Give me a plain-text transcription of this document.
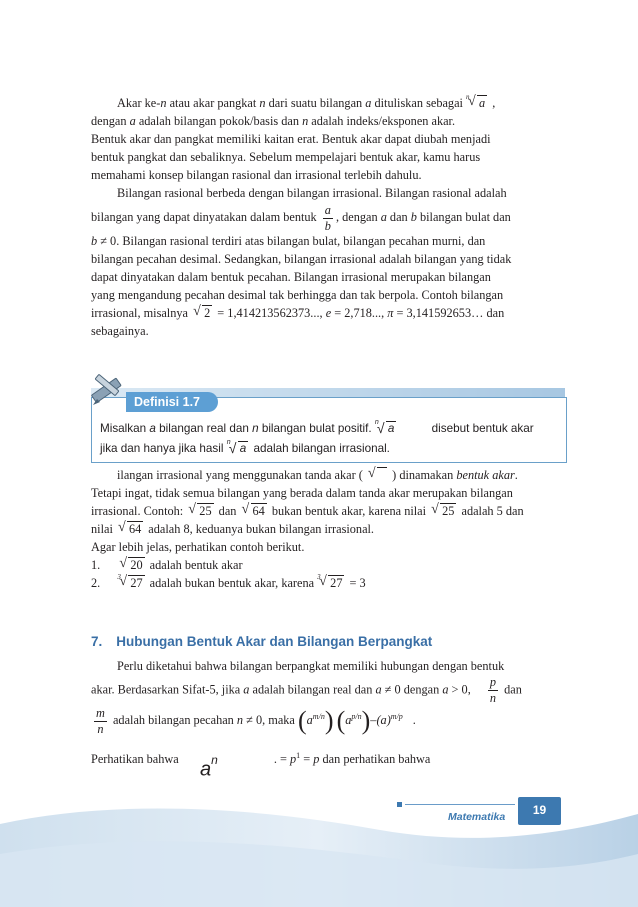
Akar ke-n atau akar pangkat n dari suatu bilangan a dituliskan sebagai √ n a ,
dengan a adalah bilangan pokok/basis dan n adalah indeks/eksponen akar.
Bentuk akar dan pangkat memiliki kaitan erat. Bentuk akar dapat diubah menjadi
bentuk pangkat dan sebaliknya. Sebelum mempelajari bentuk akar, kamu harus
memahami konsep bilangan rasional dan irrasional terlebih dahulu.
Bilangan rasional berbeda dengan bilangan irrasional. Bilangan rasional adalah
bilangan yang dapat dinyatakan dalam bentuk $\frac{a}{b}$ , dengan a dan b bilangan bulat dan
b ≠ 0. Bilangan rasional terdiri atas bilangan bulat, bilangan pecahan murni, dan
bilangan pecahan desimal. Sedangkan, bilangan irrasional adalah bilangan yang tidak
dapat dinyatakan dalam bentuk pecahan. Bilangan irrasional merupakan bilangan
yang mengandung pecahan desimal tak berhingga dan tak berpola. Contoh bilangan
irrasional, misalnya √ 2 = 1,414213562373..., e = 2,718..., π = 3,141592653… dan
sebagainya.
Definisi 1.7
Misalkan a bilangan real dan n bilangan bulat positif. √ n a	disebut bentuk akar
jika dan hanya jika hasil √ n a adalah bilangan irrasional.
ilangan irrasional yang menggunakan tanda akar ( √    ) dinamakan bentuk akar.
Tetapi ingat, tidak semua bilangan yang berada dalam tanda akar merupakan bilangan
irrasional. Contoh: √ 25 dan √ 64 bukan bentuk akar, karena nilai √ 25 adalah 5 dan
nilai √ 64 adalah 8, keduanya bukan bilangan irrasional.
Agar lebih jelas, perhatikan contoh berikut.
1. √ 20 adalah bentuk akar
2. √ 3 27 adalah bukan bentuk akar, karena √ 3 27 = 3
7. Hubungan Bentuk Akar dan Bilangan Berpangkat
Perlu diketahui bahwa bilangan berpangkat memiliki hubungan dengan bentuk
akar. Berdasarkan Sifat-5, jika a adalah bilangan real dan a ≠ 0 dengan a > 0, $\frac{p}{n}$ dan
$\frac{m}{n}$ adalah bilangan pecahan n ≠ 0, maka $(a^{m/n})$ $(a^{p/n})-(a)^{m/p}$ .
Perhatikan bahwa	. = $p^1 = p$ dan perhatikan bahwa
$a^n$
Matematika	19
